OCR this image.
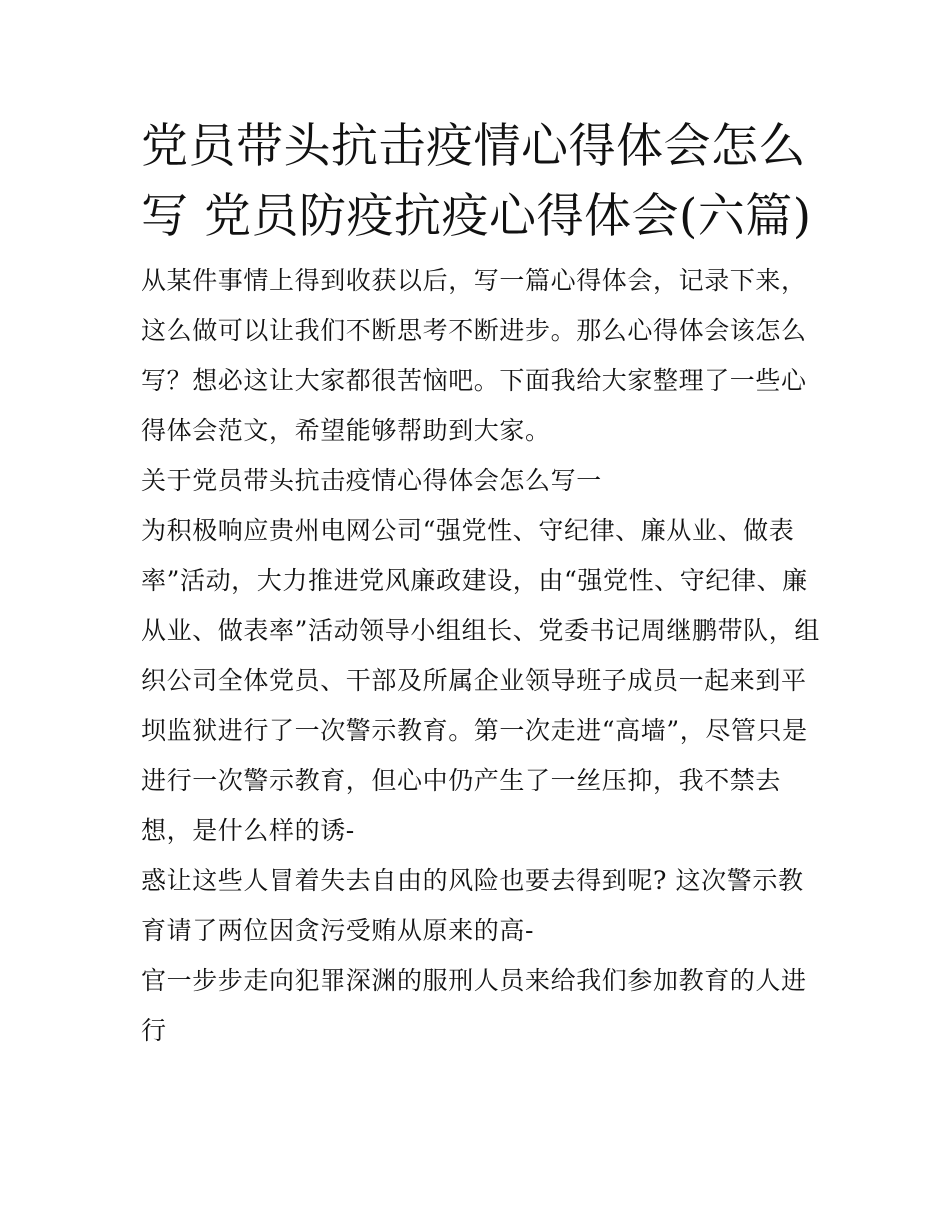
党员带头抗击疫情心得体会怎么写 党员防疫抗疫心得体会(六篇)

从某件事情上得到收获以后，写一篇心得体会，记录下来，这么做可以让我们不断思考不断进步。那么心得体会该怎么写？想必这让大家都很苦恼吧。下面我给大家整理了一些心得体会范文，希望能够帮助到大家。

关于党员带头抗击疫情心得体会怎么写一

为积极响应贵州电网公司“强党性、守纪律、廉从业、做表率”活动，大力推进党风廉政建设，由“强党性、守纪律、廉从业、做表率”活动领导小组组长、党委书记周继鹏带队，组织公司全体党员、干部及所属企业领导班子成员一起来到平坝监狱进行了一次警示教育。第一次走进“高墙”，尽管只是进行一次警示教育，但心中仍产生了一丝压抑，我不禁去想，是什么样的诱-

惑让这些人冒着失去自由的风险也要去得到呢? 这次警示教育请了两位因贪污受贿从原来的高-

官一步步走向犯罪深渊的服刑人员来给我们参加教育的人进行
